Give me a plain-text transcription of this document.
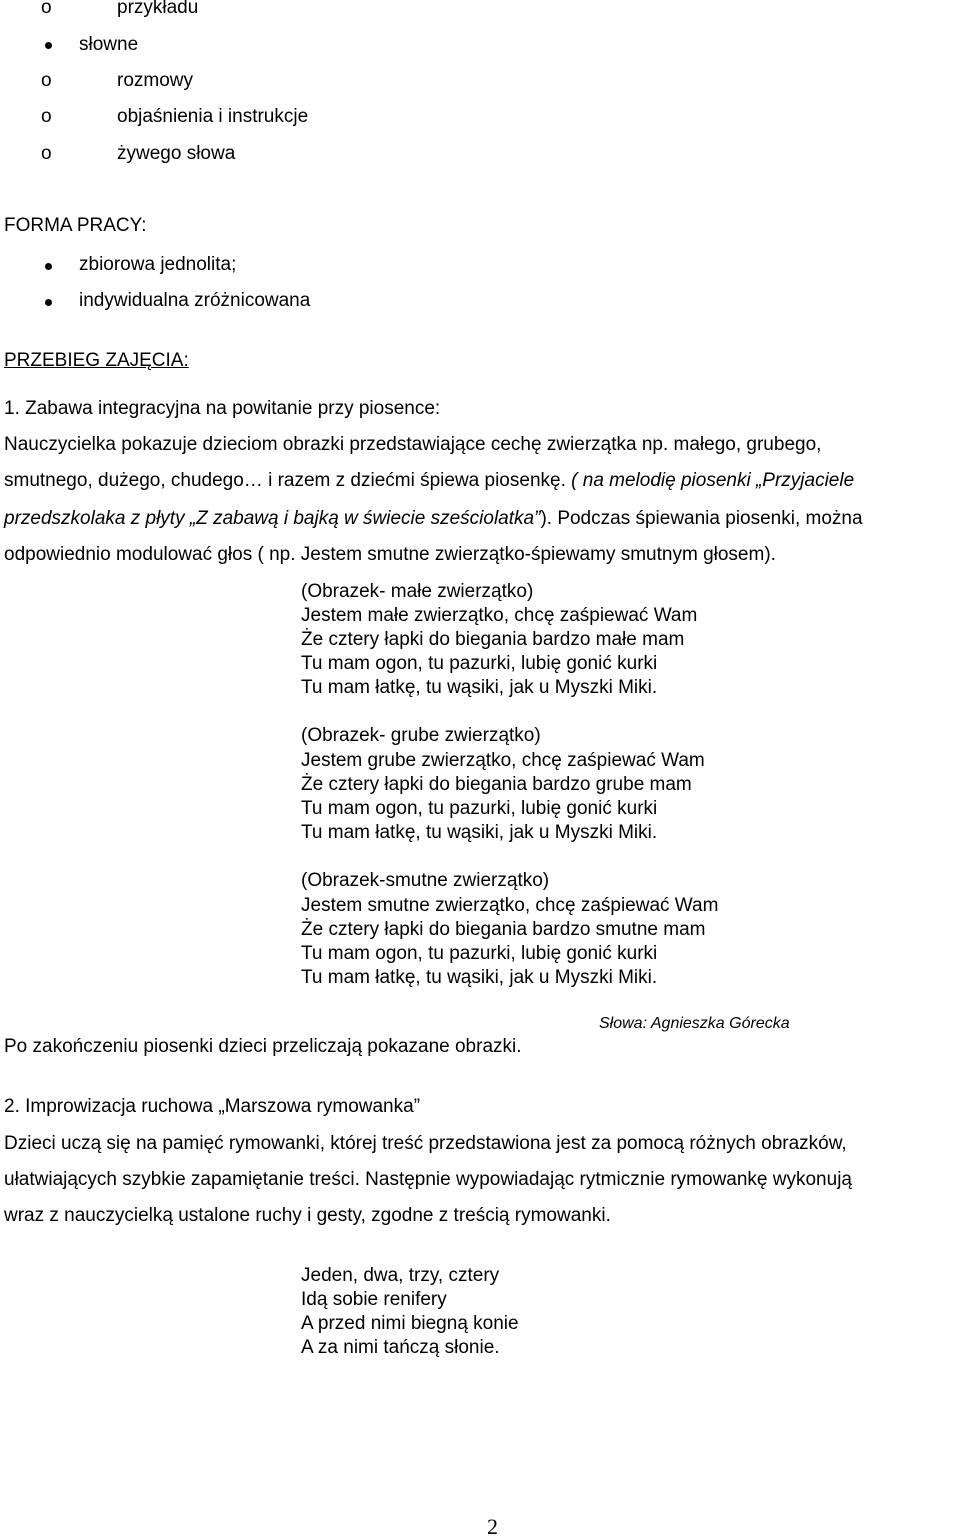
o	przykładu
słowne
o	rozmowy
o	objaśnienia i instrukcje
o	żywego słowa
FORMA PRACY:
zbiorowa jednolita;
indywidualna zróżnicowana
PRZEBIEG ZAJĘCIA:
1. Zabawa integracyjna na powitanie przy piosence:
Nauczycielka pokazuje dzieciom obrazki przedstawiające cechę zwierzątka np. małego, grubego,
smutnego, dużego, chudego… i razem z dziećmi śpiewa piosenkę. ( na melodię piosenki „Przyjaciele
przedszkolaka z płyty „Z zabawą i bajką w świecie sześciolatka”). Podczas śpiewania piosenki, można
odpowiednio modulować głos ( np. Jestem smutne zwierzątko-śpiewamy smutnym głosem).
(Obrazek- małe zwierzątko)
Jestem małe zwierzątko, chcę zaśpiewać Wam
Że cztery łapki do biegania bardzo małe mam
Tu mam ogon, tu pazurki, lubię gonić kurki
Tu mam łatkę, tu wąsiki, jak u Myszki Miki.
(Obrazek- grube zwierzątko)
Jestem grube zwierzątko, chcę zaśpiewać Wam
Że cztery łapki do biegania bardzo grube mam
Tu mam ogon, tu pazurki, lubię gonić kurki
Tu mam łatkę, tu wąsiki, jak u Myszki Miki.
(Obrazek-smutne zwierzątko)
Jestem smutne zwierzątko, chcę zaśpiewać Wam
Że cztery łapki do biegania bardzo smutne mam
Tu mam ogon, tu pazurki, lubię gonić kurki
Tu mam łatkę, tu wąsiki, jak u Myszki Miki.
Słowa: Agnieszka Górecka
Po zakończeniu piosenki dzieci przeliczają pokazane obrazki.
2. Improwizacja ruchowa „Marszowa rymowanka”
Dzieci uczą się na pamięć rymowanki, której treść przedstawiona jest za pomocą różnych obrazków,
ułatwiających szybkie zapamiętanie treści. Następnie wypowiadając rytmicznie rymowankę wykonują
wraz z nauczycielką ustalone ruchy i gesty, zgodne z treścią rymowanki.
Jeden, dwa, trzy, cztery
Idą sobie renifery
A przed nimi biegną konie
A za nimi tańczą słonie.
2
